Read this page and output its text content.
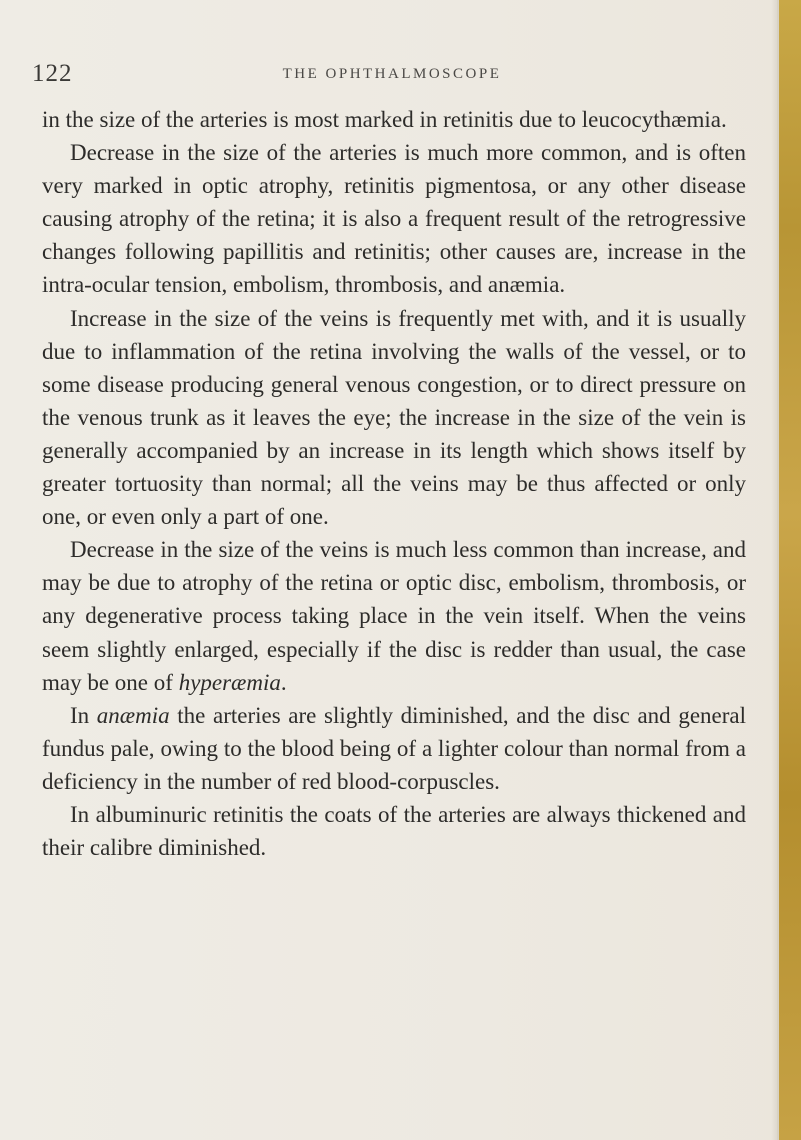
122	THE OPHTHALMOSCOPE

in the size of the arteries is most marked in retinitis due to leucocythæmia.

Decrease in the size of the arteries is much more common, and is often very marked in optic atrophy, retinitis pigmentosa, or any other disease causing atrophy of the retina; it is also a frequent result of the retrogressive changes following papillitis and retinitis; other causes are, increase in the intra-ocular tension, embolism, thrombosis, and anæmia.

Increase in the size of the veins is frequently met with, and it is usually due to inflammation of the retina involving the walls of the vessel, or to some disease producing general venous congestion, or to direct pressure on the venous trunk as it leaves the eye; the increase in the size of the vein is generally accompanied by an increase in its length which shows itself by greater tortuosity than normal; all the veins may be thus affected or only one, or even only a part of one.

Decrease in the size of the veins is much less common than increase, and may be due to atrophy of the retina or optic disc, embolism, thrombosis, or any degenerative process taking place in the vein itself. When the veins seem slightly enlarged, especially if the disc is redder than usual, the case may be one of hyperæmia.

In anæmia the arteries are slightly diminished, and the disc and general fundus pale, owing to the blood being of a lighter colour than normal from a deficiency in the number of red blood-corpuscles.

In albuminuric retinitis the coats of the arteries are always thickened and their calibre diminished.
